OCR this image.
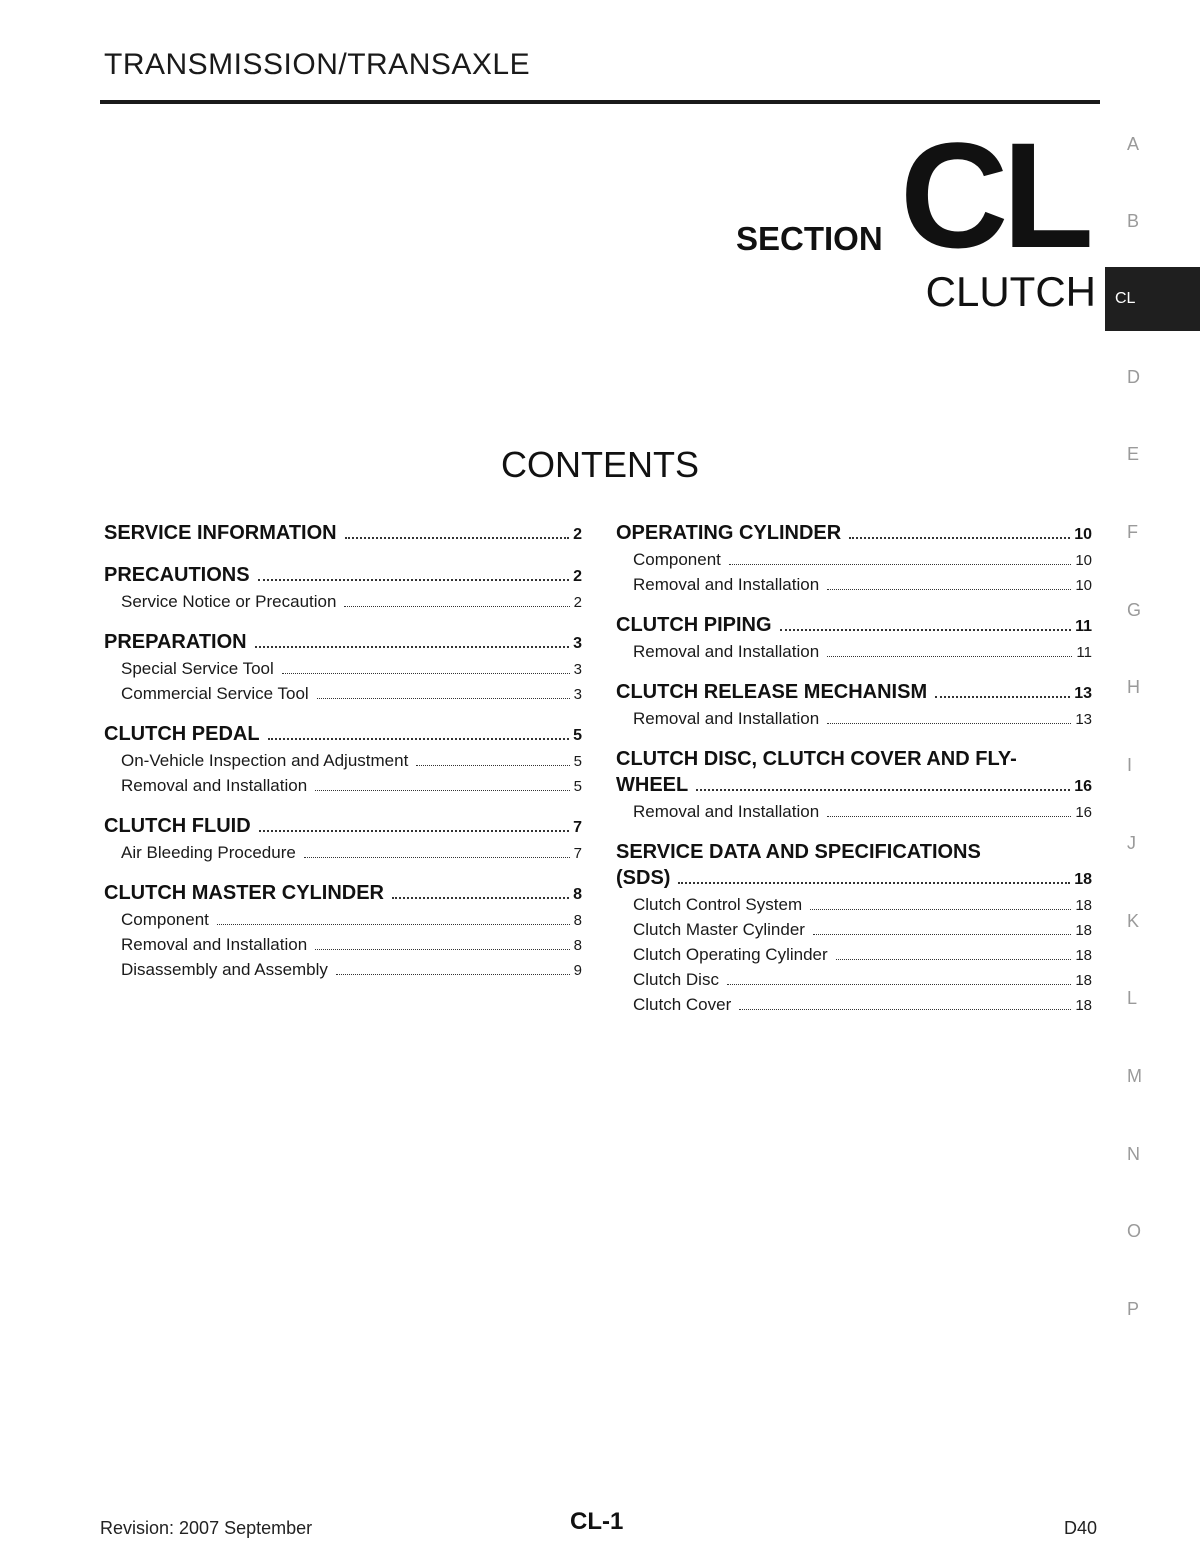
TRANSMISSION/TRANSAXLE
SECTION CL
CLUTCH
CONTENTS
SERVICE INFORMATION	2
PRECAUTIONS	2
Service Notice or Precaution	2
PREPARATION	3
Special Service Tool	3
Commercial Service Tool	3
CLUTCH PEDAL	5
On-Vehicle Inspection and Adjustment	5
Removal and Installation	5
CLUTCH FLUID	7
Air Bleeding Procedure	7
CLUTCH MASTER CYLINDER	8
Component	8
Removal and Installation	8
Disassembly and Assembly	9
OPERATING CYLINDER	10
Component	10
Removal and Installation	10
CLUTCH PIPING	11
Removal and Installation	11
CLUTCH RELEASE MECHANISM	13
Removal and Installation	13
CLUTCH DISC, CLUTCH COVER AND FLY-
WHEEL	16
Removal and Installation	16
SERVICE DATA AND SPECIFICATIONS
(SDS)	18
Clutch Control System	18
Clutch Master Cylinder	18
Clutch Operating Cylinder	18
Clutch Disc	18
Clutch Cover	18
A
B
CL
D
E
F
G
H
I
J
K
L
M
N
O
P
Revision: 2007 September	CL-1	D40
